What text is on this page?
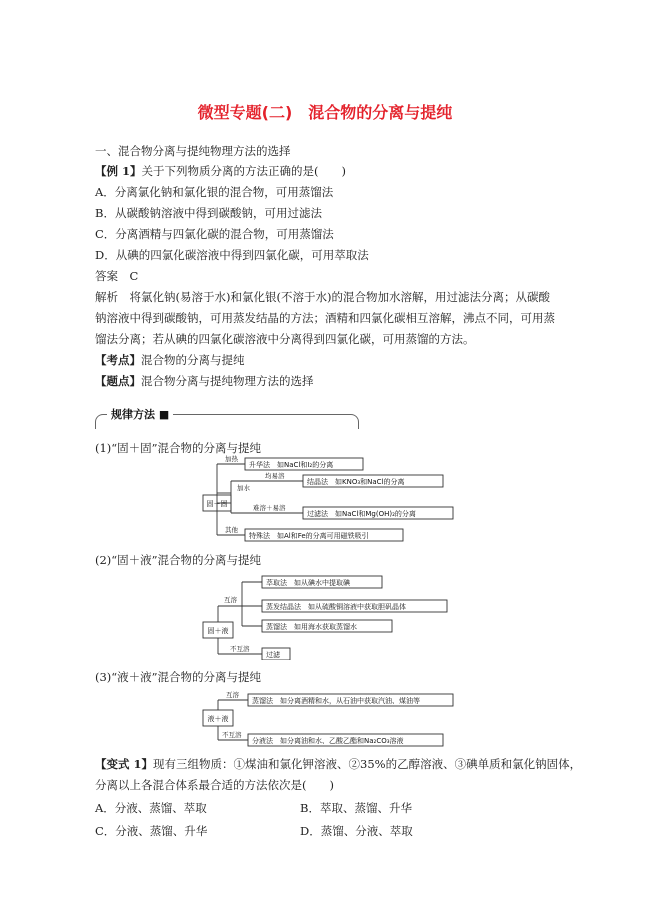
微型专题(二)　混合物的分离与提纯
一、混合物分离与提纯物理方法的选择
【例 1】关于下列物质分离的方法正确的是(　　)
A．分离氯化钠和氯化银的混合物，可用蒸馏法
B．从碳酸钠溶液中得到碳酸钠，可用过滤法
C．分离酒精与四氯化碳的混合物，可用蒸馏法
D．从碘的四氯化碳溶液中得到四氯化碳，可用萃取法
答案　C
解析　将氯化钠(易溶于水)和氯化银(不溶于水)的混合物加水溶解，用过滤法分离；从碳酸
钠溶液中得到碳酸钠，可用蒸发结晶的方法；酒精和四氯化碳相互溶解，沸点不同，可用蒸
馏法分离；若从碘的四氯化碳溶液中分离得到四氯化碳，可用蒸馏的方法。
【考点】混合物的分离与提纯
【题点】混合物分离与提纯物理方法的选择
规律方法 ■
(1)“固＋固”混合物的分离与提纯
固＋固
加热
加水
其他
升华法　如NaCl和I₂的分离
均易溶
难溶＋易溶
结晶法　如KNO₃和NaCl的分离
过滤法　如NaCl和Mg(OH)₂的分离
特殊法　如Al和Fe的分离可用磁铁吸引
(2)“固＋液”混合物的分离与提纯
固＋液
互溶
不互溶
萃取法　如从碘水中提取碘
蒸发结晶法　如从硫酸铜溶液中获取胆矾晶体
蒸馏法　如用海水获取蒸馏水
过滤
(3)“液＋液”混合物的分离与提纯
液＋液
互溶
不互溶
蒸馏法　如分离酒精和水，从石油中获取汽油、煤油等
分液法　如分离油和水、乙酸乙酯和Na₂CO₃溶液
【变式 1】现有三组物质：①煤油和氯化钾溶液、②35%的乙醇溶液、③碘单质和氯化钠固体，
分离以上各混合体系最合适的方法依次是(　　)
A．分液、蒸馏、萃取	B．萃取、蒸馏、升华
C．分液、蒸馏、升华	D．蒸馏、分液、萃取
